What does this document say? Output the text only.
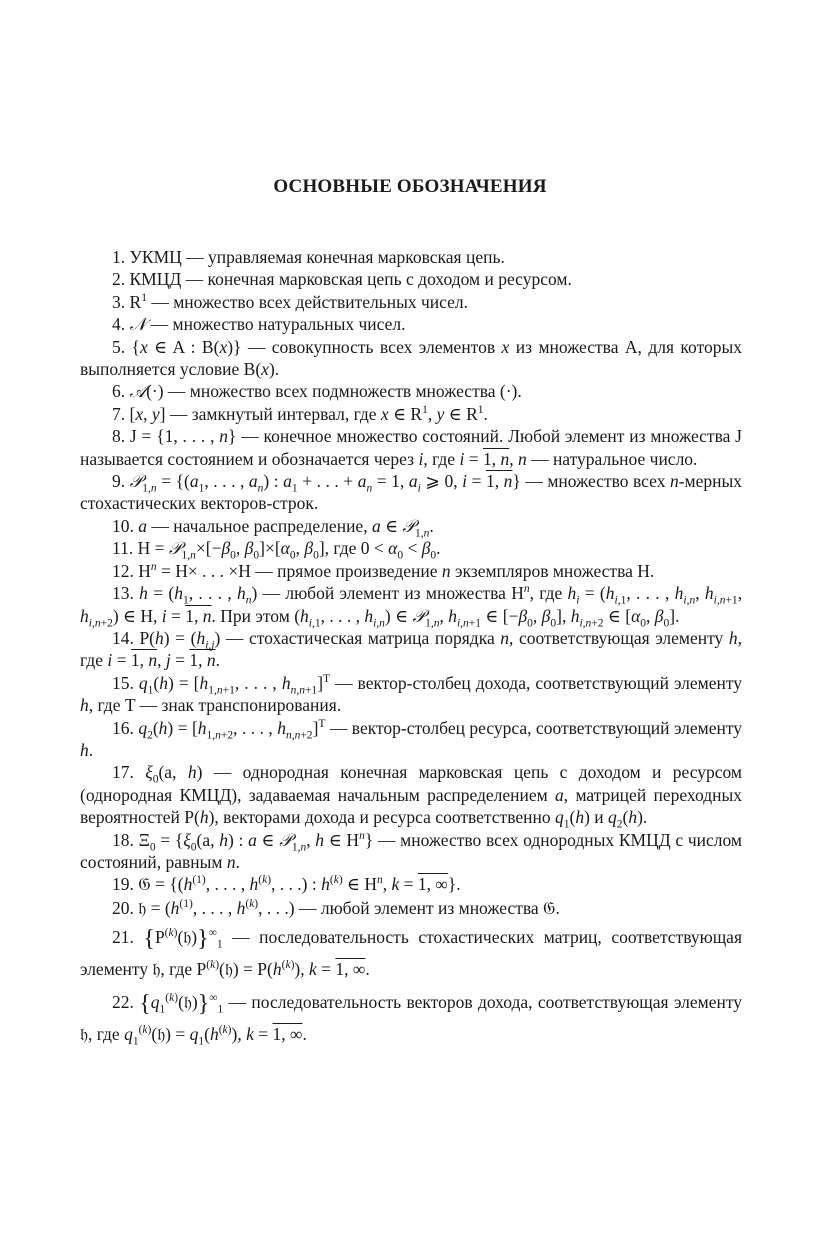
ОСНОВНЫЕ ОБОЗНАЧЕНИЯ

1. УКМЦ — управляемая конечная марковская цепь.

2. КМЦД — конечная марковская цепь с доходом и ресурсом.

3. $R^1$ — множество всех действительных чисел.

4. 𝒩 — множество натуральных чисел.

5. {x ∈ A : B(x)} — совокупность всех элементов x из множества A, для которых выполняется условие B(x).

6. 𝒜(·) — множество всех подмножеств множества (·).

7. [x, y] — замкнутый интервал, где x ∈ $R^1$, y ∈ $R^1$.

8. J = {1, . . . , n} — конечное множество состояний. Любой элемент из множества J называется состоянием и обозначается через i, где i = 1, n, n — натуральное число.

9. 𝒫$_{1,n}$ = {($a_1$, . . . , $a_n$) : $a_1$ + . . . + $a_n = 1$, $a_i$ ⩾ 0, i = 1, n} — множество всех n-мерных стохастических векторов-строк.

10. a — начальное распределение, a ∈ 𝒫$_{1,n}$.

11. $H = 𝒫_{1,n}\times[-\beta_0$, $\beta_0]\times[\alpha_0$, $\beta_0$], где $0 < \alpha_0 < \beta_0$.

12. $H^n = H\times$ . . . ×H — прямое произведение n экземпляров множества H.

13. $h = (h_1$, . . . , $h_n$) — любой элемент из множества $H^n$, где $h_i = (h_{i,1}$, . . . , $h_{i,n}$, $h_{i,n+1}$, $h_{i,n+2}$) ∈ H, i = 1, n. При этом ($h_{i,1}$, . . . , $h_{i,n}$) ∈ 𝒫$_{1,n}$, $h_{i,n+1}$ ∈ [$-\beta_0$, $\beta_0$], $h_{i,n+2}$ ∈ [$\alpha_0$, $\beta_0$].

14. $P(h) = (h_{i,j})$ — стохастическая матрица порядка n, соответствующая элементу h, где i = 1, n, j = 1, n.

15. $q_1(h) = [h_{1,n+1}$, . . . , $h_{n,n+1}]^T$ — вектор-столбец дохода, соответствующий элементу h, где T — знак транспонирования.

16. $q_2(h) = [h_{1,n+2}$, . . . , $h_{n,n+2}]^T$ — вектор-столбец ресурса, соответствующий элементу h.

17. $\xi_0(a$, h) — однородная конечная марковская цепь с доходом и ресурсом (однородная КМЦД), задаваемая начальным распределением a, матрицей переходных вероятностей P(h), векторами дохода и ресурса соответственно $q_1(h)$ и $q_2(h)$.

18. $\Xi_0 = \{\xi_0(a$, h) : a ∈ 𝒫$_{1,n}$, h ∈ $H^n$} — множество всех однородных КМЦД с числом состояний, равным n.

19. 𝔊 = {($h^{(1)}$, . . . , $h^{(k)}$, . . .) : $h^{(k)}$ ∈ $H^n$, k = 1, ∞}.

20. 𝔥 = ($h^{(1)}$, . . . , $h^{(k)}$, . . .) — любой элемент из множества 𝔊.

21. $\{P^{(k)}(𝔥)\}^\infty_1$ — последовательность стохастических матриц, соответствующая элементу 𝔥, где $P^{(k)}(𝔥) = P(h^{(k)})$, k = 1, ∞.

22. $\{q_1^{(k)}(𝔥)\}^\infty_1$ — последовательность векторов дохода, соответствующая элементу 𝔥, где $q_1^{(k)}(𝔥) = q_1(h^{(k)})$, k = 1, ∞.
